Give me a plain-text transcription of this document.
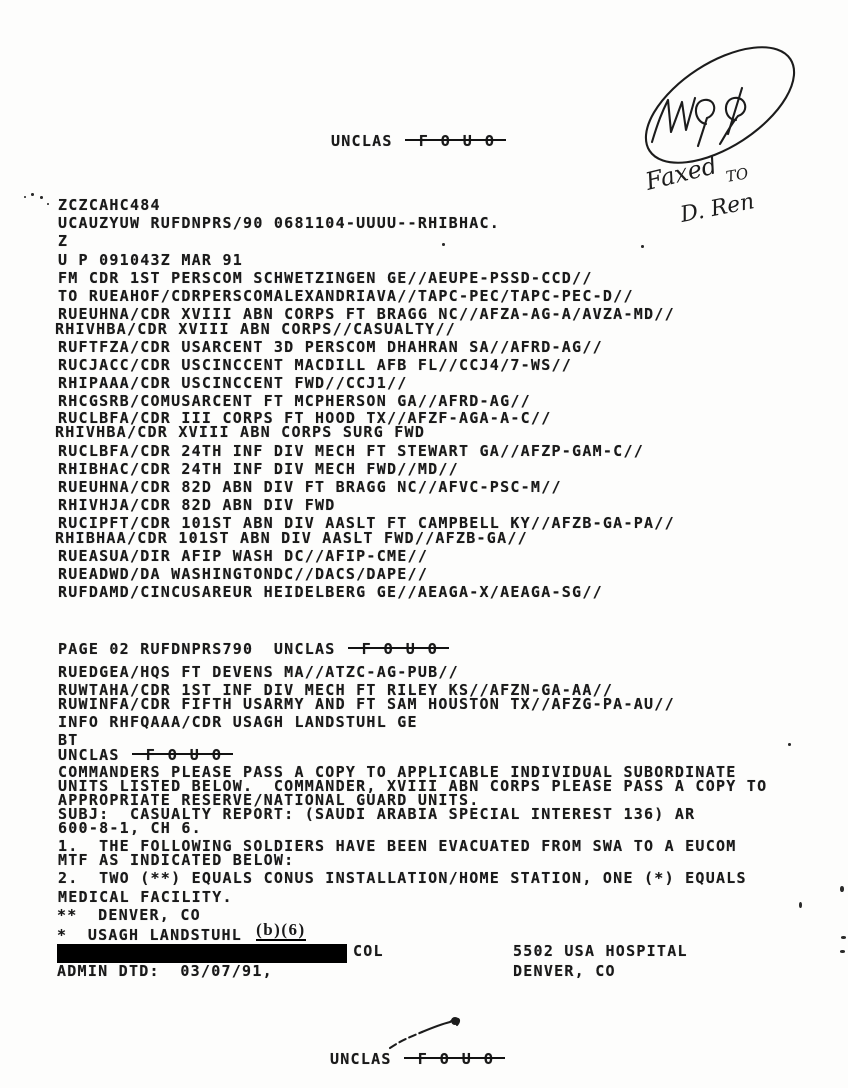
UNCLAS F O U O
ZCZCAHC484
UCAUZYUW RUFDNPRS/90 0681104-UUUU--RHIBHAC.
Z
U P 091043Z MAR 91
FM CDR 1ST PERSCOM SCHWETZINGEN GE//AEUPE-PSSD-CCD//
TO RUEAHOF/CDRPERSCOMALEXANDRIAVA//TAPC-PEC/TAPC-PEC-D//
RUEUHNA/CDR XVIII ABN CORPS FT BRAGG NC//AFZA-AG-A/AVZA-MD//
RHIVHBA/CDR XVIII ABN CORPS//CASUALTY//
RUFTFZA/CDR USARCENT 3D PERSCOM DHAHRAN SA//AFRD-AG//
RUCJACC/CDR USCINCCENT MACDILL AFB FL//CCJ4/7-WS//
RHIPAAA/CDR USCINCCENT FWD//CCJ1//
RHCGSRB/COMUSARCENT FT MCPHERSON GA//AFRD-AG//
RUCLBFA/CDR III CORPS FT HOOD TX//AFZF-AGA-A-C//
RHIVHBA/CDR XVIII ABN CORPS SURG FWD
RUCLBFA/CDR 24TH INF DIV MECH FT STEWART GA//AFZP-GAM-C//
RHIBHAC/CDR 24TH INF DIV MECH FWD//MD//
RUEUHNA/CDR 82D ABN DIV FT BRAGG NC//AFVC-PSC-M//
RHIVHJA/CDR 82D ABN DIV FWD
RUCIPFT/CDR 101ST ABN DIV AASLT FT CAMPBELL KY//AFZB-GA-PA//
RHIBHAA/CDR 101ST ABN DIV AASLT FWD//AFZB-GA//
RUEASUA/DIR AFIP WASH DC//AFIP-CME//
RUEADWD/DA WASHINGTONDC//DACS/DAPE//
RUFDAMD/CINCUSAREUR HEIDELBERG GE//AEAGA-X/AEAGA-SG//
PAGE 02 RUFDNPRS790  UNCLAS F O U O
RUEDGEA/HQS FT DEVENS MA//ATZC-AG-PUB//
RUWTAHA/CDR 1ST INF DIV MECH FT RILEY KS//AFZN-GA-AA//
RUWINFA/CDR FIFTH USARMY AND FT SAM HOUSTON TX//AFZG-PA-AU//
INFO RHFQAAA/CDR USAGH LANDSTUHL GE
BT
UNCLAS F O U O
COMMANDERS PLEASE PASS A COPY TO APPLICABLE INDIVIDUAL SUBORDINATE
UNITS LISTED BELOW.  COMMANDER, XVIII ABN CORPS PLEASE PASS A COPY TO
APPROPRIATE RESERVE/NATIONAL GUARD UNITS.
SUBJ:  CASUALTY REPORT: (SAUDI ARABIA SPECIAL INTEREST 136) AR
600-8-1, CH 6.
1.  THE FOLLOWING SOLDIERS HAVE BEEN EVACUATED FROM SWA TO A EUCOM
MTF AS INDICATED BELOW:
2.  TWO (**) EQUALS CONUS INSTALLATION/HOME STATION, ONE (*) EQUALS
MEDICAL FACILITY.
**  DENVER, CO
*  USAGH LANDSTUHL (b)(6)
COL	5502 USA HOSPITAL
ADMIN DTD:  03/07/91,	DENVER, CO
UNCLAS F O U O
Faxed TO
D. Ren
